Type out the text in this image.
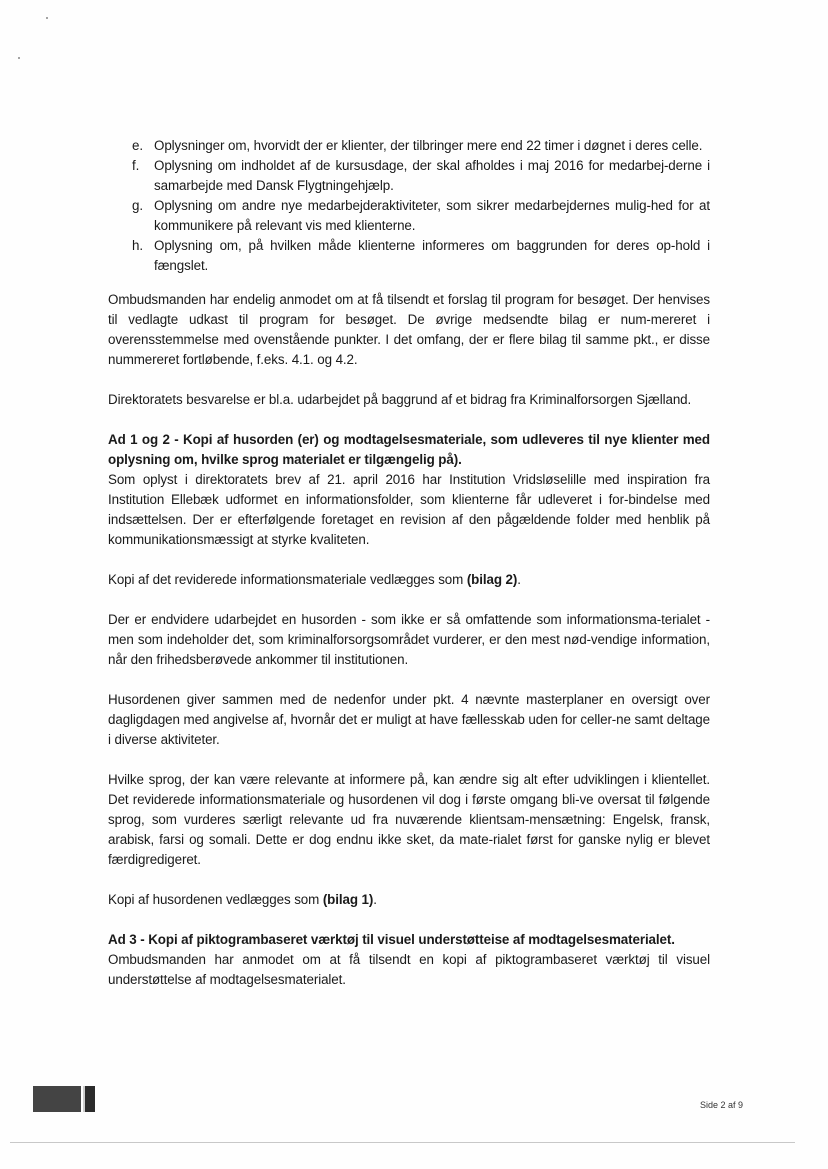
e. Oplysninger om, hvorvidt der er klienter, der tilbringer mere end 22 timer i døgnet i deres celle.
f. Oplysning om indholdet af de kursusdage, der skal afholdes i maj 2016 for medarbej-derne i samarbejde med Dansk Flygtningehjælp.
g. Oplysning om andre nye medarbejderaktiviteter, som sikrer medarbejdernes mulig-hed for at kommunikere på relevant vis med klienterne.
h. Oplysning om, på hvilken måde klienterne informeres om baggrunden for deres op-hold i fængslet.

Ombudsmanden har endelig anmodet om at få tilsendt et forslag til program for besøget. Der henvises til vedlagte udkast til program for besøget. De øvrige medsendte bilag er num-mereret i overensstemmelse med ovenstående punkter. I det omfang, der er flere bilag til samme pkt., er disse nummereret fortløbende, f.eks. 4.1. og 4.2.

Direktoratets besvarelse er bl.a. udarbejdet på baggrund af et bidrag fra Kriminalforsorgen Sjælland.

Ad 1 og 2 - Kopi af husorden (er) og modtagelsesmateriale, som udleveres til nye klienter med oplysning om, hvilke sprog materialet er tilgængelig på).

Som oplyst i direktoratets brev af 21. april 2016 har Institution Vridsløselille med inspiration fra Institution Ellebæk udformet en informationsfolder, som klienterne får udleveret i for-bindelse med indsættelsen. Der er efterfølgende foretaget en revision af den pågældende folder med henblik på kommunikationsmæssigt at styrke kvaliteten.

Kopi af det reviderede informationsmateriale vedlægges som (bilag 2).

Der er endvidere udarbejdet en husorden - som ikke er så omfattende som informationsma-terialet - men som indeholder det, som kriminalforsorgsområdet vurderer, er den mest nød-vendige information, når den frihedsberøvede ankommer til institutionen.

Husordenen giver sammen med de nedenfor under pkt. 4 nævnte masterplaner en oversigt over dagligdagen med angivelse af, hvornår det er muligt at have fællesskab uden for celler-ne samt deltage i diverse aktiviteter.

Hvilke sprog, der kan være relevante at informere på, kan ændre sig alt efter udviklingen i klientellet. Det reviderede informationsmateriale og husordenen vil dog i første omgang bli-ve oversat til følgende sprog, som vurderes særligt relevante ud fra nuværende klientsam-mensætning: Engelsk, fransk, arabisk, farsi og somali. Dette er dog endnu ikke sket, da mate-rialet først for ganske nylig er blevet færdigredigeret.

Kopi af husordenen vedlægges som (bilag 1).

Ad 3 - Kopi af piktogrambaseret værktøj til visuel understøtteise af modtagelsesmaterialet.

Ombudsmanden har anmodet om at få tilsendt en kopi af piktogrambaseret værktøj til visuel understøttelse af modtagelsesmaterialet.

Side 2 af 9
